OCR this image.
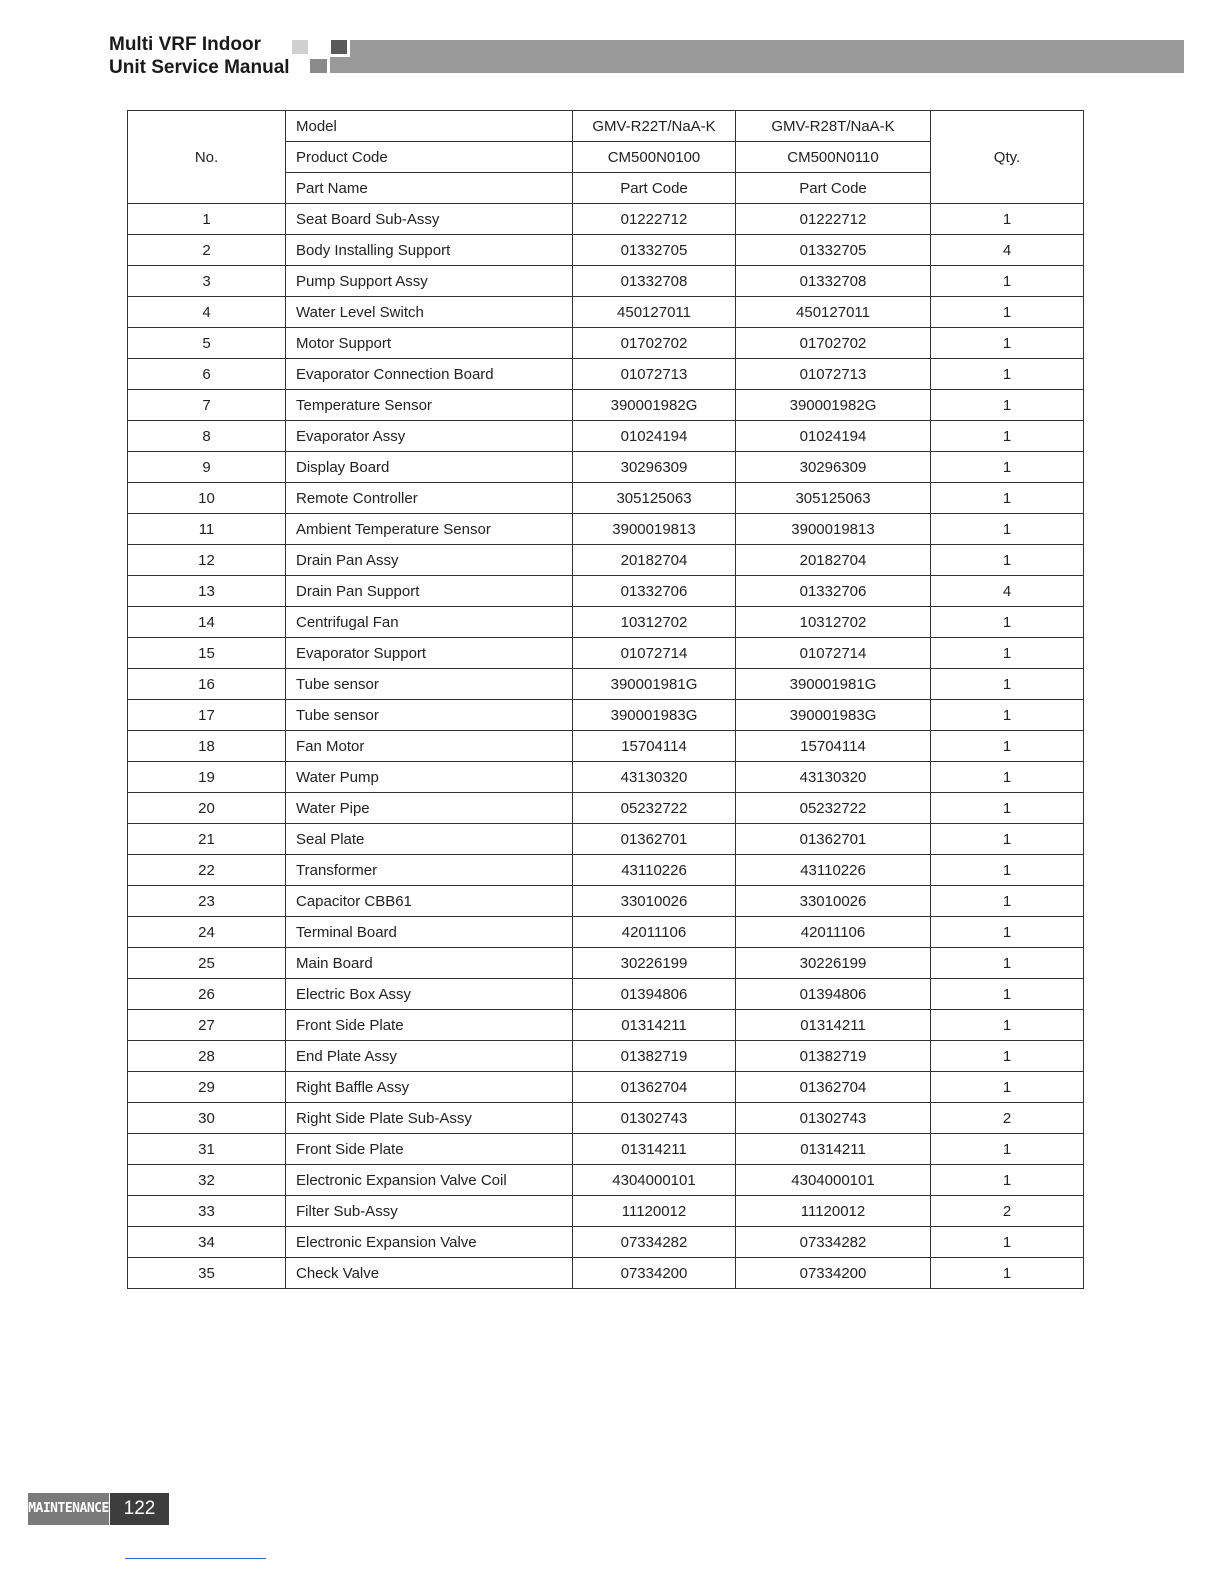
Multi VRF Indoor
Unit Service Manual
No.	Model	GMV-R22T/NaA-K	GMV-R28T/NaA-K	Qty.
	Product Code	CM500N0100	CM500N0110	
	Part Name	Part Code	Part Code	
1	Seat Board Sub-Assy	01222712	01222712	1
2	Body Installing Support	01332705	01332705	4
3	Pump Support Assy	01332708	01332708	1
4	Water Level Switch	450127011	450127011	1
5	Motor Support	01702702	01702702	1
6	Evaporator Connection Board	01072713	01072713	1
7	Temperature Sensor	390001982G	390001982G	1
8	Evaporator Assy	01024194	01024194	1
9	Display Board	30296309	30296309	1
10	Remote Controller	305125063	305125063	1
11	Ambient Temperature Sensor	3900019813	3900019813	1
12	Drain Pan Assy	20182704	20182704	1
13	Drain Pan Support	01332706	01332706	4
14	Centrifugal Fan	10312702	10312702	1
15	Evaporator Support	01072714	01072714	1
16	Tube sensor	390001981G	390001981G	1
17	Tube sensor	390001983G	390001983G	1
18	Fan Motor	15704114	15704114	1
19	Water Pump	43130320	43130320	1
20	Water Pipe	05232722	05232722	1
21	Seal Plate	01362701	01362701	1
22	Transformer	43110226	43110226	1
23	Capacitor CBB61	33010026	33010026	1
24	Terminal Board	42011106	42011106	1
25	Main Board	30226199	30226199	1
26	Electric Box Assy	01394806	01394806	1
27	Front Side Plate	01314211	01314211	1
28	End Plate Assy	01382719	01382719	1
29	Right Baffle Assy	01362704	01362704	1
30	Right Side Plate Sub-Assy	01302743	01302743	2
31	Front Side Plate	01314211	01314211	1
32	Electronic Expansion Valve Coil	4304000101	4304000101	1
33	Filter Sub-Assy	11120012	11120012	2
34	Electronic Expansion Valve	07334282	07334282	1
35	Check Valve	07334200	07334200	1
MAINTENANCE 122
